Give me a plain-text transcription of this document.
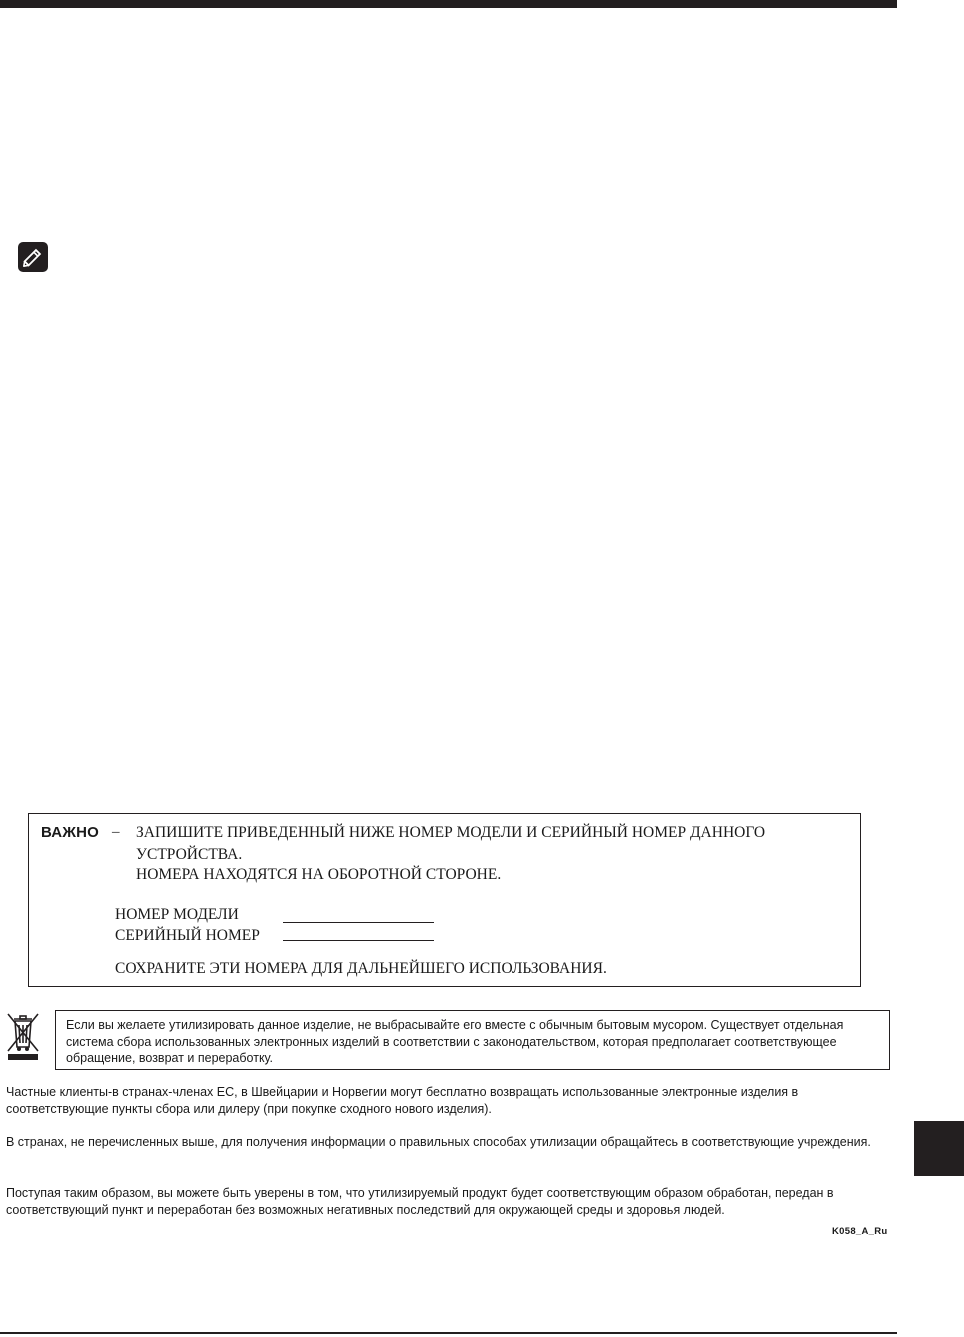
ВАЖНО – ЗАПИШИТЕ ПРИВЕДЕННЫЙ НИЖЕ НОМЕР МОДЕЛИ И СЕРИЙНЫЙ НОМЕР ДАННОГО
УСТРОЙСТВА.
НОМЕРА НАХОДЯТСЯ НА ОБОРОТНОЙ СТОРОНЕ.
НОМЕР МОДЕЛИ
СЕРИЙНЫЙ НОМЕР
СОХРАНИТЕ ЭТИ НОМЕРА ДЛЯ ДАЛЬНЕЙШЕГО ИСПОЛЬЗОВАНИЯ.
Если вы желаете утилизировать данное изделие, не выбрасывайте его вместе с обычным бытовым мусором. Существует отдельная система сбора использованных электронных изделий в соответствии с законодательством, которая предполагает соответствующее обращение, возврат и переработку.
Частные клиенты-в странах-членах ЕС, в Швейцарии и Норвегии могут бесплатно возвращать использованные электронные изделия в соответствующие пункты сбора или дилеру (при покупке сходного нового изделия).
В странах, не перечисленных выше, для получения информации о правильных способах утилизации обращайтесь в соответствующие учреждения.
Поступая таким образом, вы можете быть уверены в том, что утилизируемый продукт будет соответствующим образом обработан, передан в соответствующий пункт и переработан без возможных негативных последствий для окружающей среды и здоровья людей.
K058_A_Ru
